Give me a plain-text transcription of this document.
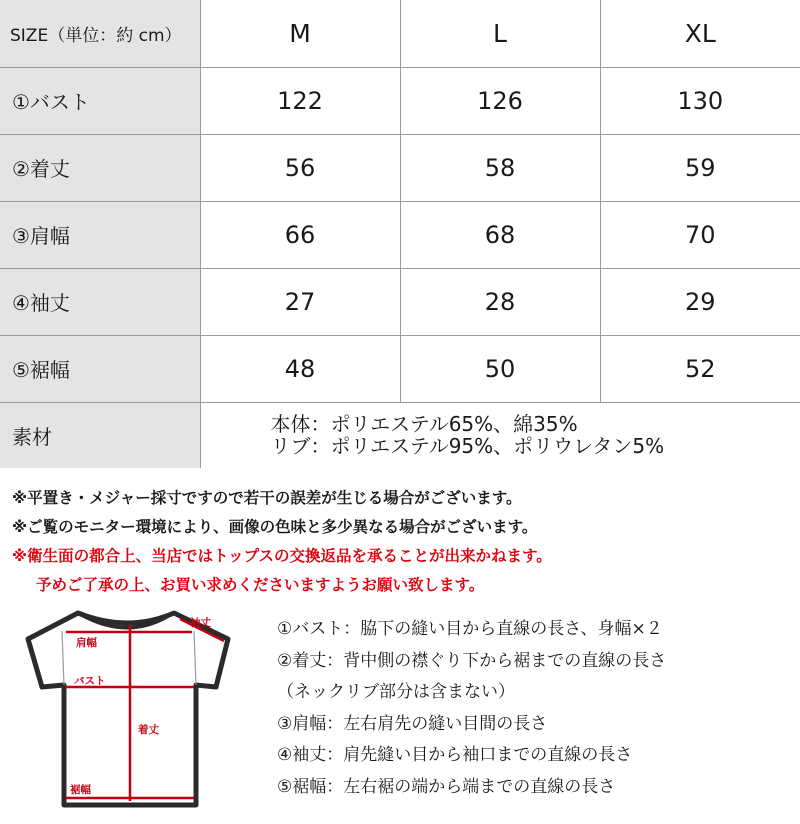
SIZE（単位：約 cm）	M	L	XL
①バスト	122	126	130
②着丈	56	58	59
③肩幅	66	68	70
④袖丈	27	28	29
⑤裾幅	48	50	52
素材	本体：ポリエステル65%、綿35%
リブ：ポリエステル95%、ポリウレタン5%		
※平置き・メジャー採寸ですので若干の誤差が生じる場合がございます。
※ご覧のモニター環境により、画像の色味と多少異なる場合がございます。
※衛生面の都合上、当店ではトップスの交換返品を承ることが出来かねます。
予めご了承の上、お買い求めくださいますようお願い致します。
袖丈
肩幅
バスト
着丈
裾幅
①バスト：脇下の縫い目から直線の長さ、身幅×２
②着丈：背中側の襟ぐり下から裾までの直線の長さ
（ネックリブ部分は含まない）
③肩幅：左右肩先の縫い目間の長さ
④袖丈：肩先縫い目から袖口までの直線の長さ
⑤裾幅：左右裾の端から端までの直線の長さ
